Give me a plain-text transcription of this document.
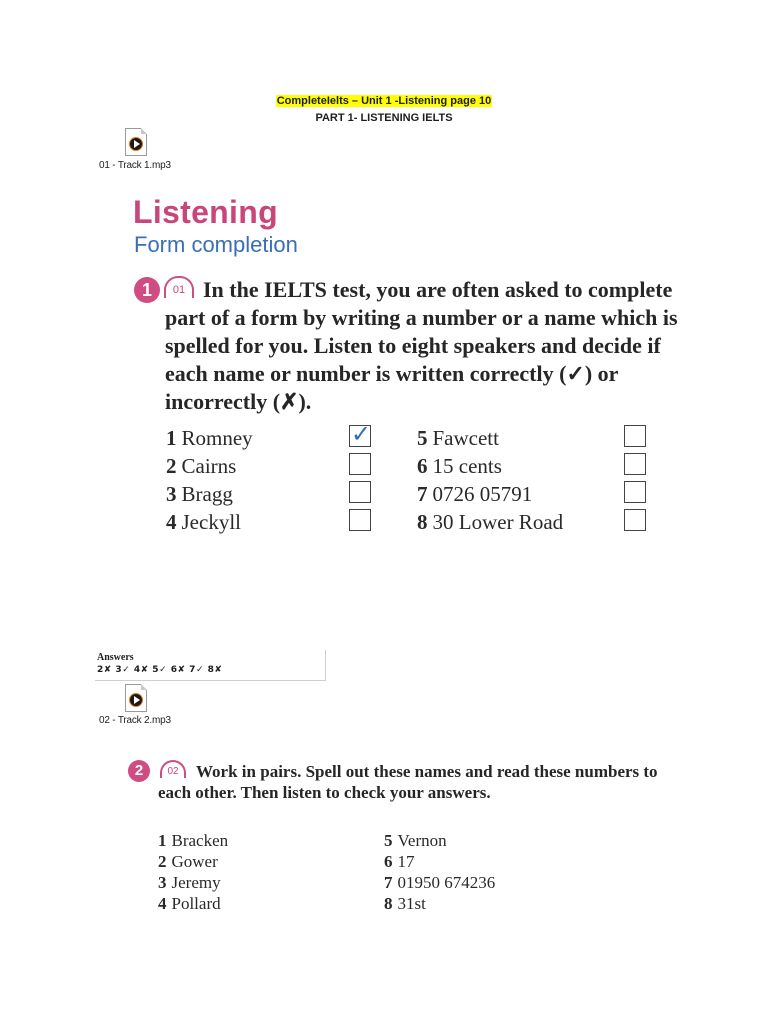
CompleteIelts – Unit 1 -Listening page 10
PART 1- LISTENING IELTS
01 - Track 1.mp3
Listening
Form completion
1	01 In the IELTS test, you are often asked to complete part of a form by writing a number or a name which is spelled for you. Listen to eight speakers and decide if each name or number is written correctly (✓) or incorrectly (✗).
1 Romney
2 Cairns
3 Bragg
4 Jeckyll
5 Fawcett
6 15 cents
7 0726 05791
8 30 Lower Road
✓
Answers
2✘ 3✓ 4✘ 5✓ 6✘ 7✓ 8✘
02 - Track 2.mp3
2	02	Work in pairs. Spell out these names and read these numbers to each other. Then listen to check your answers.
1 Bracken
2 Gower
3 Jeremy
4 Pollard
5 Vernon
6 17
7 01950 674236
8 31st
